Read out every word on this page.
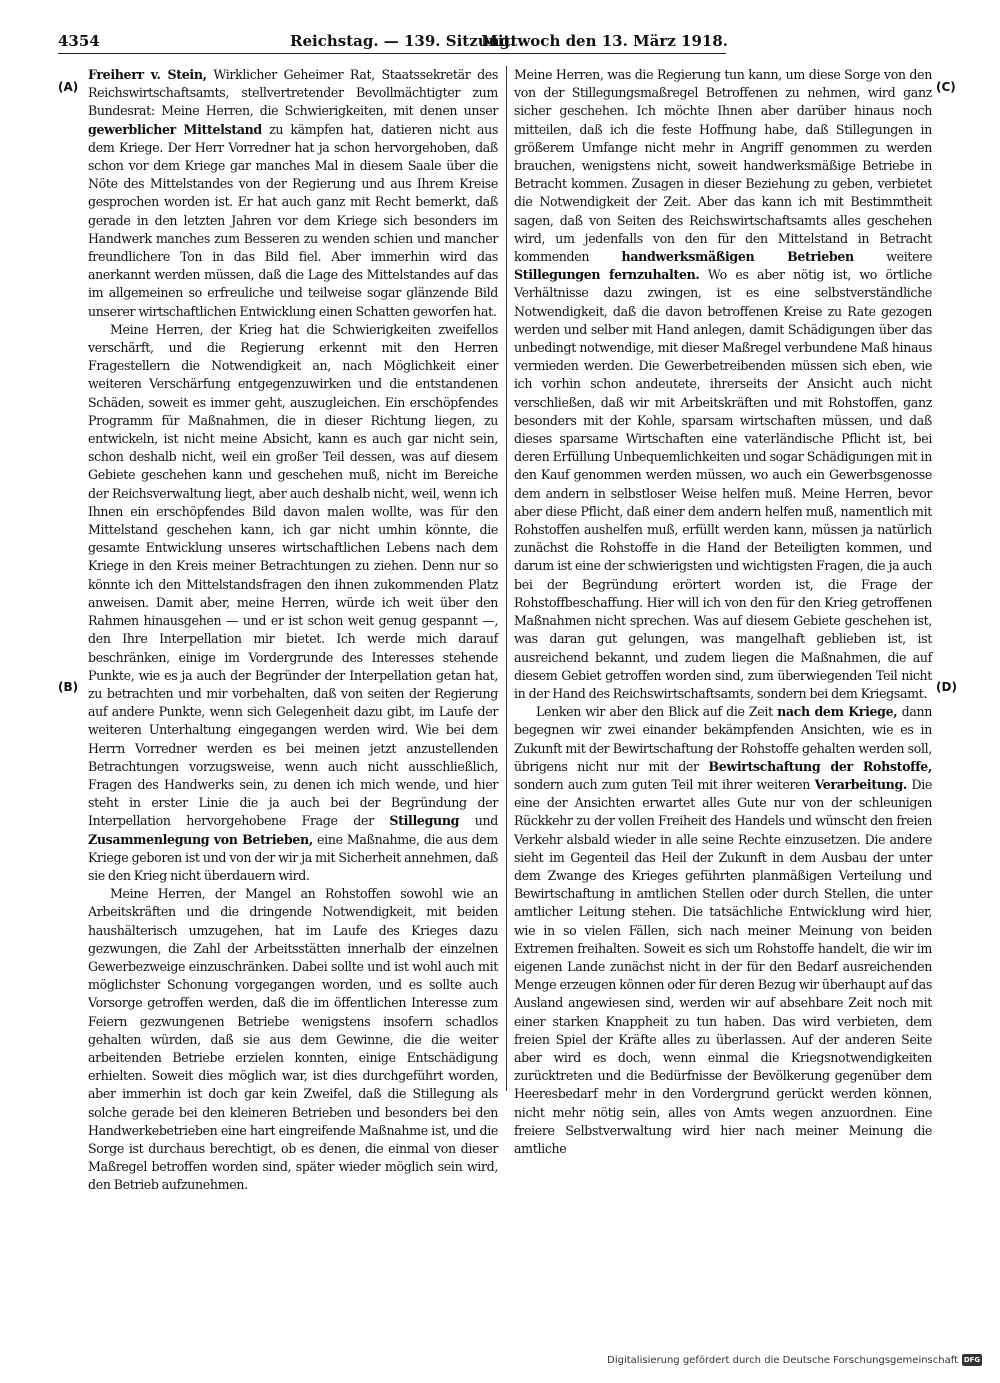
4354	Reichstag. — 139. Sitzung.
Mittwoch den 13. März 1918.
(A)
(B)
(C)
(D)

Freiherr v. Stein, Wirklicher Geheimer Rat, Staatssekretär des Reichswirtschaftsamts, stellvertretender Bevollmächtigter zum Bundesrat: Meine Herren, die Schwierigkeiten, mit denen unser gewerblicher Mittelstand zu kämpfen hat, datieren nicht aus dem Kriege. Der Herr Vorredner hat ja schon hervorgehoben, daß schon vor dem Kriege gar manches Mal in diesem Saale über die Nöte des Mittelstandes von der Regierung und aus Ihrem Kreise gesprochen worden ist. Er hat auch ganz mit Recht bemerkt, daß gerade in den letzten Jahren vor dem Kriege sich besonders im Handwerk manches zum Besseren zu wenden schien und mancher freundlichere Ton in das Bild fiel. Aber immerhin wird das anerkannt werden müssen, daß die Lage des Mittelstandes auf das im allgemeinen so erfreuliche und teilweise sogar glänzende Bild unserer wirtschaftlichen Entwicklung einen Schatten geworfen hat.

Meine Herren, der Krieg hat die Schwierigkeiten zweifellos verschärft, und die Regierung erkennt mit den Herren Fragestellern die Notwendigkeit an, nach Möglichkeit einer weiteren Verschärfung entgegenzuwirken und die entstandenen Schäden, soweit es immer geht, auszugleichen. Ein erschöpfendes Programm für Maßnahmen, die in dieser Richtung liegen, zu entwickeln, ist nicht meine Absicht, kann es auch gar nicht sein, schon deshalb nicht, weil ein großer Teil dessen, was auf diesem Gebiete geschehen kann und geschehen muß, nicht im Bereiche der Reichsverwaltung liegt, aber auch deshalb nicht, weil, wenn ich Ihnen ein erschöpfendes Bild davon malen wollte, was für den Mittelstand geschehen kann, ich gar nicht umhin könnte, die gesamte Entwicklung unseres wirtschaftlichen Lebens nach dem Kriege in den Kreis meiner Betrachtungen zu ziehen. Denn nur so könnte ich den Mittelstandsfragen den ihnen zukommenden Platz anweisen. Damit aber, meine Herren, würde ich weit über den Rahmen hinausgehen — und er ist schon weit genug gespannt —, den Ihre Interpellation mir bietet. Ich werde mich darauf beschränken, einige im Vordergrunde des Interesses stehende Punkte, wie es ja auch der Begründer der Interpellation getan hat, zu betrachten und mir vorbehalten, daß von seiten der Regierung auf andere Punkte, wenn sich Gelegenheit dazu gibt, im Laufe der weiteren Unterhaltung eingegangen werden wird. Wie bei dem Herrn Vorredner werden es bei meinen jetzt anzustellenden Betrachtungen vorzugsweise, wenn auch nicht ausschließlich, Fragen des Handwerks sein, zu denen ich mich wende, und hier steht in erster Linie die ja auch bei der Begründung der Interpellation hervorgehobene Frage der Stillegung und Zusammenlegung von Betrieben, eine Maßnahme, die aus dem Kriege geboren ist und von der wir ja mit Sicherheit annehmen, daß sie den Krieg nicht überdauern wird.

Meine Herren, der Mangel an Rohstoffen sowohl wie an Arbeitskräften und die dringende Notwendigkeit, mit beiden haushälterisch umzugehen, hat im Laufe des Krieges dazu gezwungen, die Zahl der Arbeitsstätten innerhalb der einzelnen Gewerbezweige einzuschränken. Dabei sollte und ist wohl auch mit möglichster Schonung vorgegangen worden, und es sollte auch Vorsorge getroffen werden, daß die im öffentlichen Interesse zum Feiern gezwungenen Betriebe wenigstens insofern schadlos gehalten würden, daß sie aus dem Gewinne, die die weiter arbeitenden Betriebe erzielen konnten, einige Entschädigung erhielten. Soweit dies möglich war, ist dies durchgeführt worden, aber immerhin ist doch gar kein Zweifel, daß die Stillegung als solche gerade bei den kleineren Betrieben und besonders bei den Handwerkebetrieben eine hart eingreifende Maßnahme ist, und die Sorge ist durchaus berechtigt, ob es denen, die einmal von dieser Maßregel betroffen worden sind, später wieder möglich sein wird, den Betrieb aufzunehmen.

Meine Herren, was die Regierung tun kann, um diese Sorge von den von der Stillegungsmaßregel Betroffenen zu nehmen, wird ganz sicher geschehen. Ich möchte Ihnen aber darüber hinaus noch mitteilen, daß ich die feste Hoffnung habe, daß Stillegungen in größerem Umfange nicht mehr in Angriff genommen zu werden brauchen, wenigstens nicht, soweit handwerksmäßige Betriebe in Betracht kommen. Zusagen in dieser Beziehung zu geben, verbietet die Notwendigkeit der Zeit. Aber das kann ich mit Bestimmtheit sagen, daß von Seiten des Reichswirtschaftsamts alles geschehen wird, um jedenfalls von den für den Mittelstand in Betracht kommenden handwerksmäßigen Betrieben weitere Stillegungen fernzuhalten. Wo es aber nötig ist, wo örtliche Verhältnisse dazu zwingen, ist es eine selbstverständliche Notwendigkeit, daß die davon betroffenen Kreise zu Rate gezogen werden und selber mit Hand anlegen, damit Schädigungen über das unbedingt notwendige, mit dieser Maßregel verbundene Maß hinaus vermieden werden. Die Gewerbetreibenden müssen sich eben, wie ich vorhin schon andeutete, ihrerseits der Ansicht auch nicht verschließen, daß wir mit Arbeitskräften und mit Rohstoffen, ganz besonders mit der Kohle, sparsam wirtschaften müssen, und daß dieses sparsame Wirtschaften eine vaterländische Pflicht ist, bei deren Erfüllung Unbequemlichkeiten und sogar Schädigungen mit in den Kauf genommen werden müssen, wo auch ein Gewerbsgenosse dem andern in selbstloser Weise helfen muß. Meine Herren, bevor aber diese Pflicht, daß einer dem andern helfen muß, namentlich mit Rohstoffen aushelfen muß, erfüllt werden kann, müssen ja natürlich zunächst die Rohstoffe in die Hand der Beteiligten kommen, und darum ist eine der schwierigsten und wichtigsten Fragen, die ja auch bei der Begründung erörtert worden ist, die Frage der Rohstoffbeschaffung. Hier will ich von den für den Krieg getroffenen Maßnahmen nicht sprechen. Was auf diesem Gebiete geschehen ist, was daran gut gelungen, was mangelhaft geblieben ist, ist ausreichend bekannt, und zudem liegen die Maßnahmen, die auf diesem Gebiet getroffen worden sind, zum überwiegenden Teil nicht in der Hand des Reichswirtschaftsamts, sondern bei dem Kriegsamt.

Lenken wir aber den Blick auf die Zeit nach dem Kriege, dann begegnen wir zwei einander bekämpfenden Ansichten, wie es in Zukunft mit der Bewirtschaftung der Rohstoffe gehalten werden soll, übrigens nicht nur mit der Bewirtschaftung der Rohstoffe, sondern auch zum guten Teil mit ihrer weiteren Verarbeitung. Die eine der Ansichten erwartet alles Gute nur von der schleunigen Rückkehr zu der vollen Freiheit des Handels und wünscht den freien Verkehr alsbald wieder in alle seine Rechte einzusetzen. Die andere sieht im Gegenteil das Heil der Zukunft in dem Ausbau der unter dem Zwange des Krieges geführten planmäßigen Verteilung und Bewirtschaftung in amtlichen Stellen oder durch Stellen, die unter amtlicher Leitung stehen. Die tatsächliche Entwicklung wird hier, wie in so vielen Fällen, sich nach meiner Meinung von beiden Extremen freihalten. Soweit es sich um Rohstoffe handelt, die wir im eigenen Lande zunächst nicht in der für den Bedarf ausreichenden Menge erzeugen können oder für deren Bezug wir überhaupt auf das Ausland angewiesen sind, werden wir auf absehbare Zeit noch mit einer starken Knappheit zu tun haben. Das wird verbieten, dem freien Spiel der Kräfte alles zu überlassen. Auf der anderen Seite aber wird es doch, wenn einmal die Kriegsnotwendigkeiten zurücktreten und die Bedürfnisse der Bevölkerung gegenüber dem Heeresbedarf mehr in den Vordergrund gerückt werden können, nicht mehr nötig sein, alles von Amts wegen anzuordnen. Eine freiere Selbstverwaltung wird hier nach meiner Meinung die amtliche

Digitalisierung gefördert durch die Deutsche Forschungsgemeinschaft DFG
